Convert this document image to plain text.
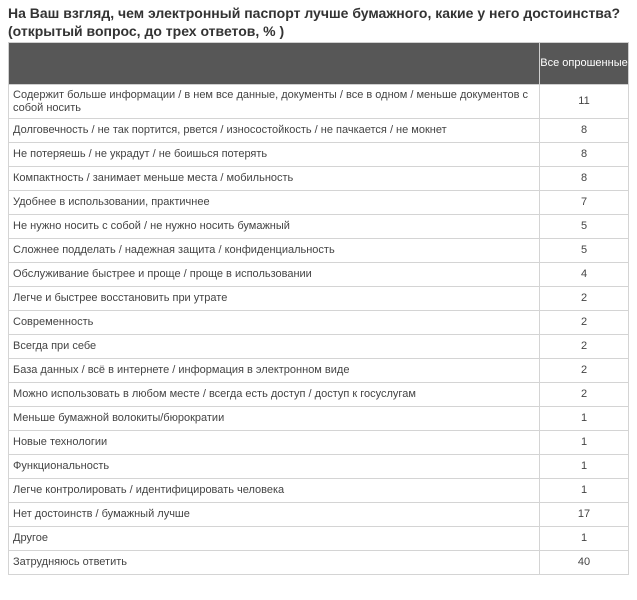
На Ваш взгляд, чем электронный паспорт лучше бумажного, какие у него достоинства? (открытый вопрос, до трех ответов, % )
	Все опрошенные
Содержит больше информации / в нем все данные, документы / все в одном / меньше документов с собой носить	11
Долговечность / не так портится, рвется / износостойкость / не пачкается / не мокнет	8
Не потеряешь / не украдут / не боишься потерять	8
Компактность / занимает меньше места / мобильность	8
Удобнее в использовании, практичнее	7
Не нужно носить с собой / не нужно носить бумажный	5
Сложнее подделать / надежная защита / конфиденциальность	5
Обслуживание быстрее и проще / проще в использовании	4
Легче и быстрее восстановить при утрате	2
Современность	2
Всегда при себе	2
База данных / всё в интернете / информация в электронном виде	2
Можно использовать в любом месте / всегда есть доступ / доступ к госуслугам	2
Меньше бумажной волокиты/бюрократии	1
Новые технологии	1
Функциональность	1
Легче контролировать / идентифицировать человека	1
Нет достоинств / бумажный лучше	17
Другое	1
Затрудняюсь ответить	40
